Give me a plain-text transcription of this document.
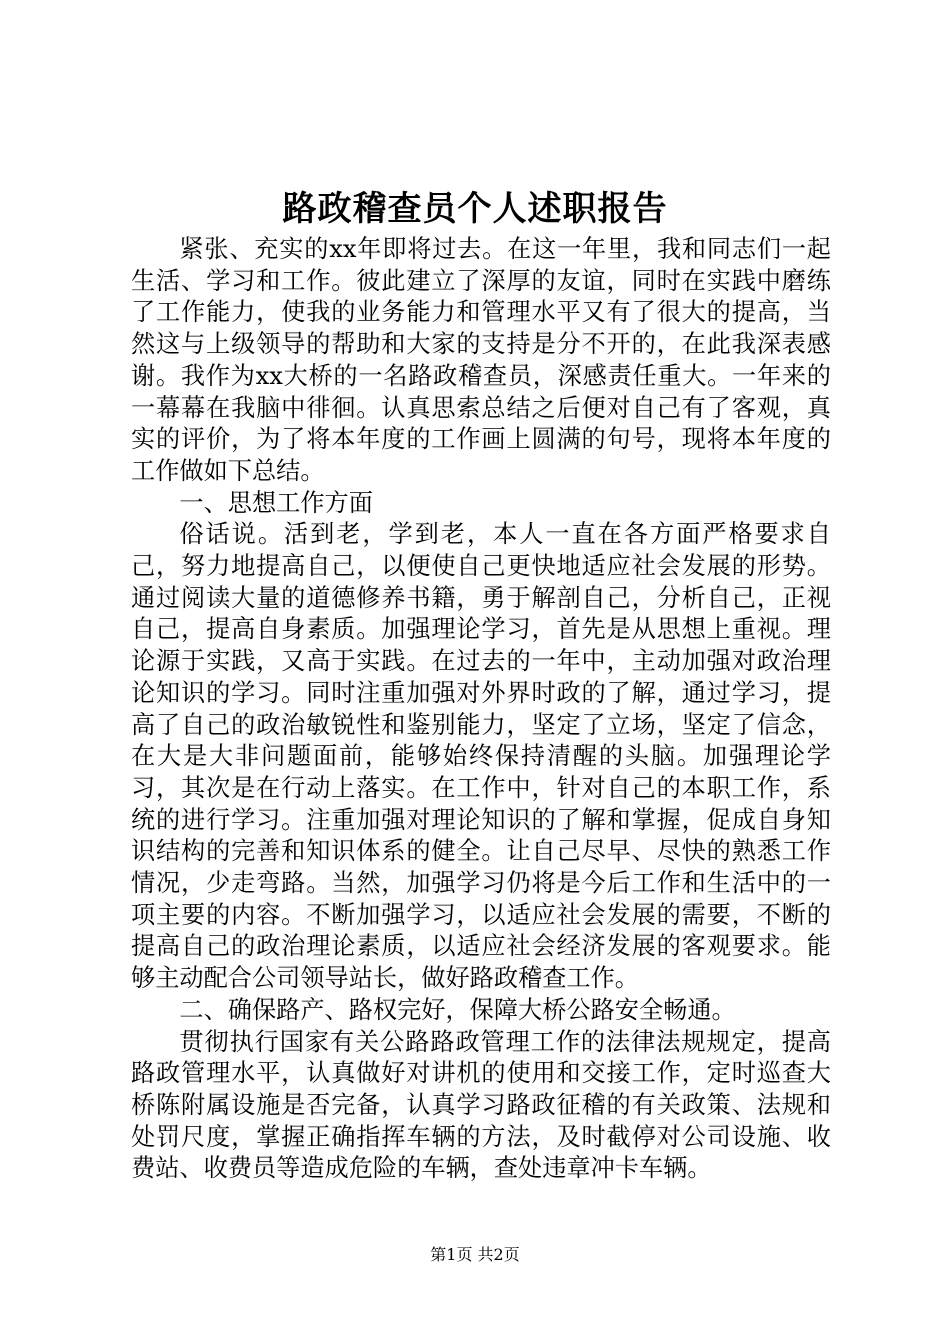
路政稽查员个人述职报告

紧张、充实的xx年即将过去。在这一年里，我和同志们一起生活、学习和工作。彼此建立了深厚的友谊，同时在实践中磨练了工作能力，使我的业务能力和管理水平又有了很大的提高，当然这与上级领导的帮助和大家的支持是分不开的，在此我深表感谢。我作为xx大桥的一名路政稽查员，深感责任重大。一年来的一幕幕在我脑中徘徊。认真思索总结之后便对自己有了客观，真实的评价，为了将本年度的工作画上圆满的句号，现将本年度的工作做如下总结。

一、思想工作方面

俗话说。活到老，学到老，本人一直在各方面严格要求自己，努力地提高自己，以便使自己更快地适应社会发展的形势。通过阅读大量的道德修养书籍，勇于解剖自己，分析自己，正视自己，提高自身素质。加强理论学习，首先是从思想上重视。理论源于实践，又高于实践。在过去的一年中，主动加强对政治理论知识的学习。同时注重加强对外界时政的了解，通过学习，提高了自己的政治敏锐性和鉴别能力，坚定了立场，坚定了信念，在大是大非问题面前，能够始终保持清醒的头脑。加强理论学习，其次是在行动上落实。在工作中，针对自己的本职工作，系统的进行学习。注重加强对理论知识的了解和掌握，促成自身知识结构的完善和知识体系的健全。让自己尽早、尽快的熟悉工作情况，少走弯路。当然，加强学习仍将是今后工作和生活中的一项主要的内容。不断加强学习，以适应社会发展的需要，不断的提高自己的政治理论素质，以适应社会经济发展的客观要求。能够主动配合公司领导站长，做好路政稽查工作。

二、确保路产、路权完好，保障大桥公路安全畅通。

贯彻执行国家有关公路路政管理工作的法律法规规定，提高路政管理水平，认真做好对讲机的使用和交接工作，定时巡查大桥陈附属设施是否完备，认真学习路政征稽的有关政策、法规和处罚尺度，掌握正确指挥车辆的方法，及时截停对公司设施、收费站、收费员等造成危险的车辆，查处违章冲卡车辆。

第1页 共2页
